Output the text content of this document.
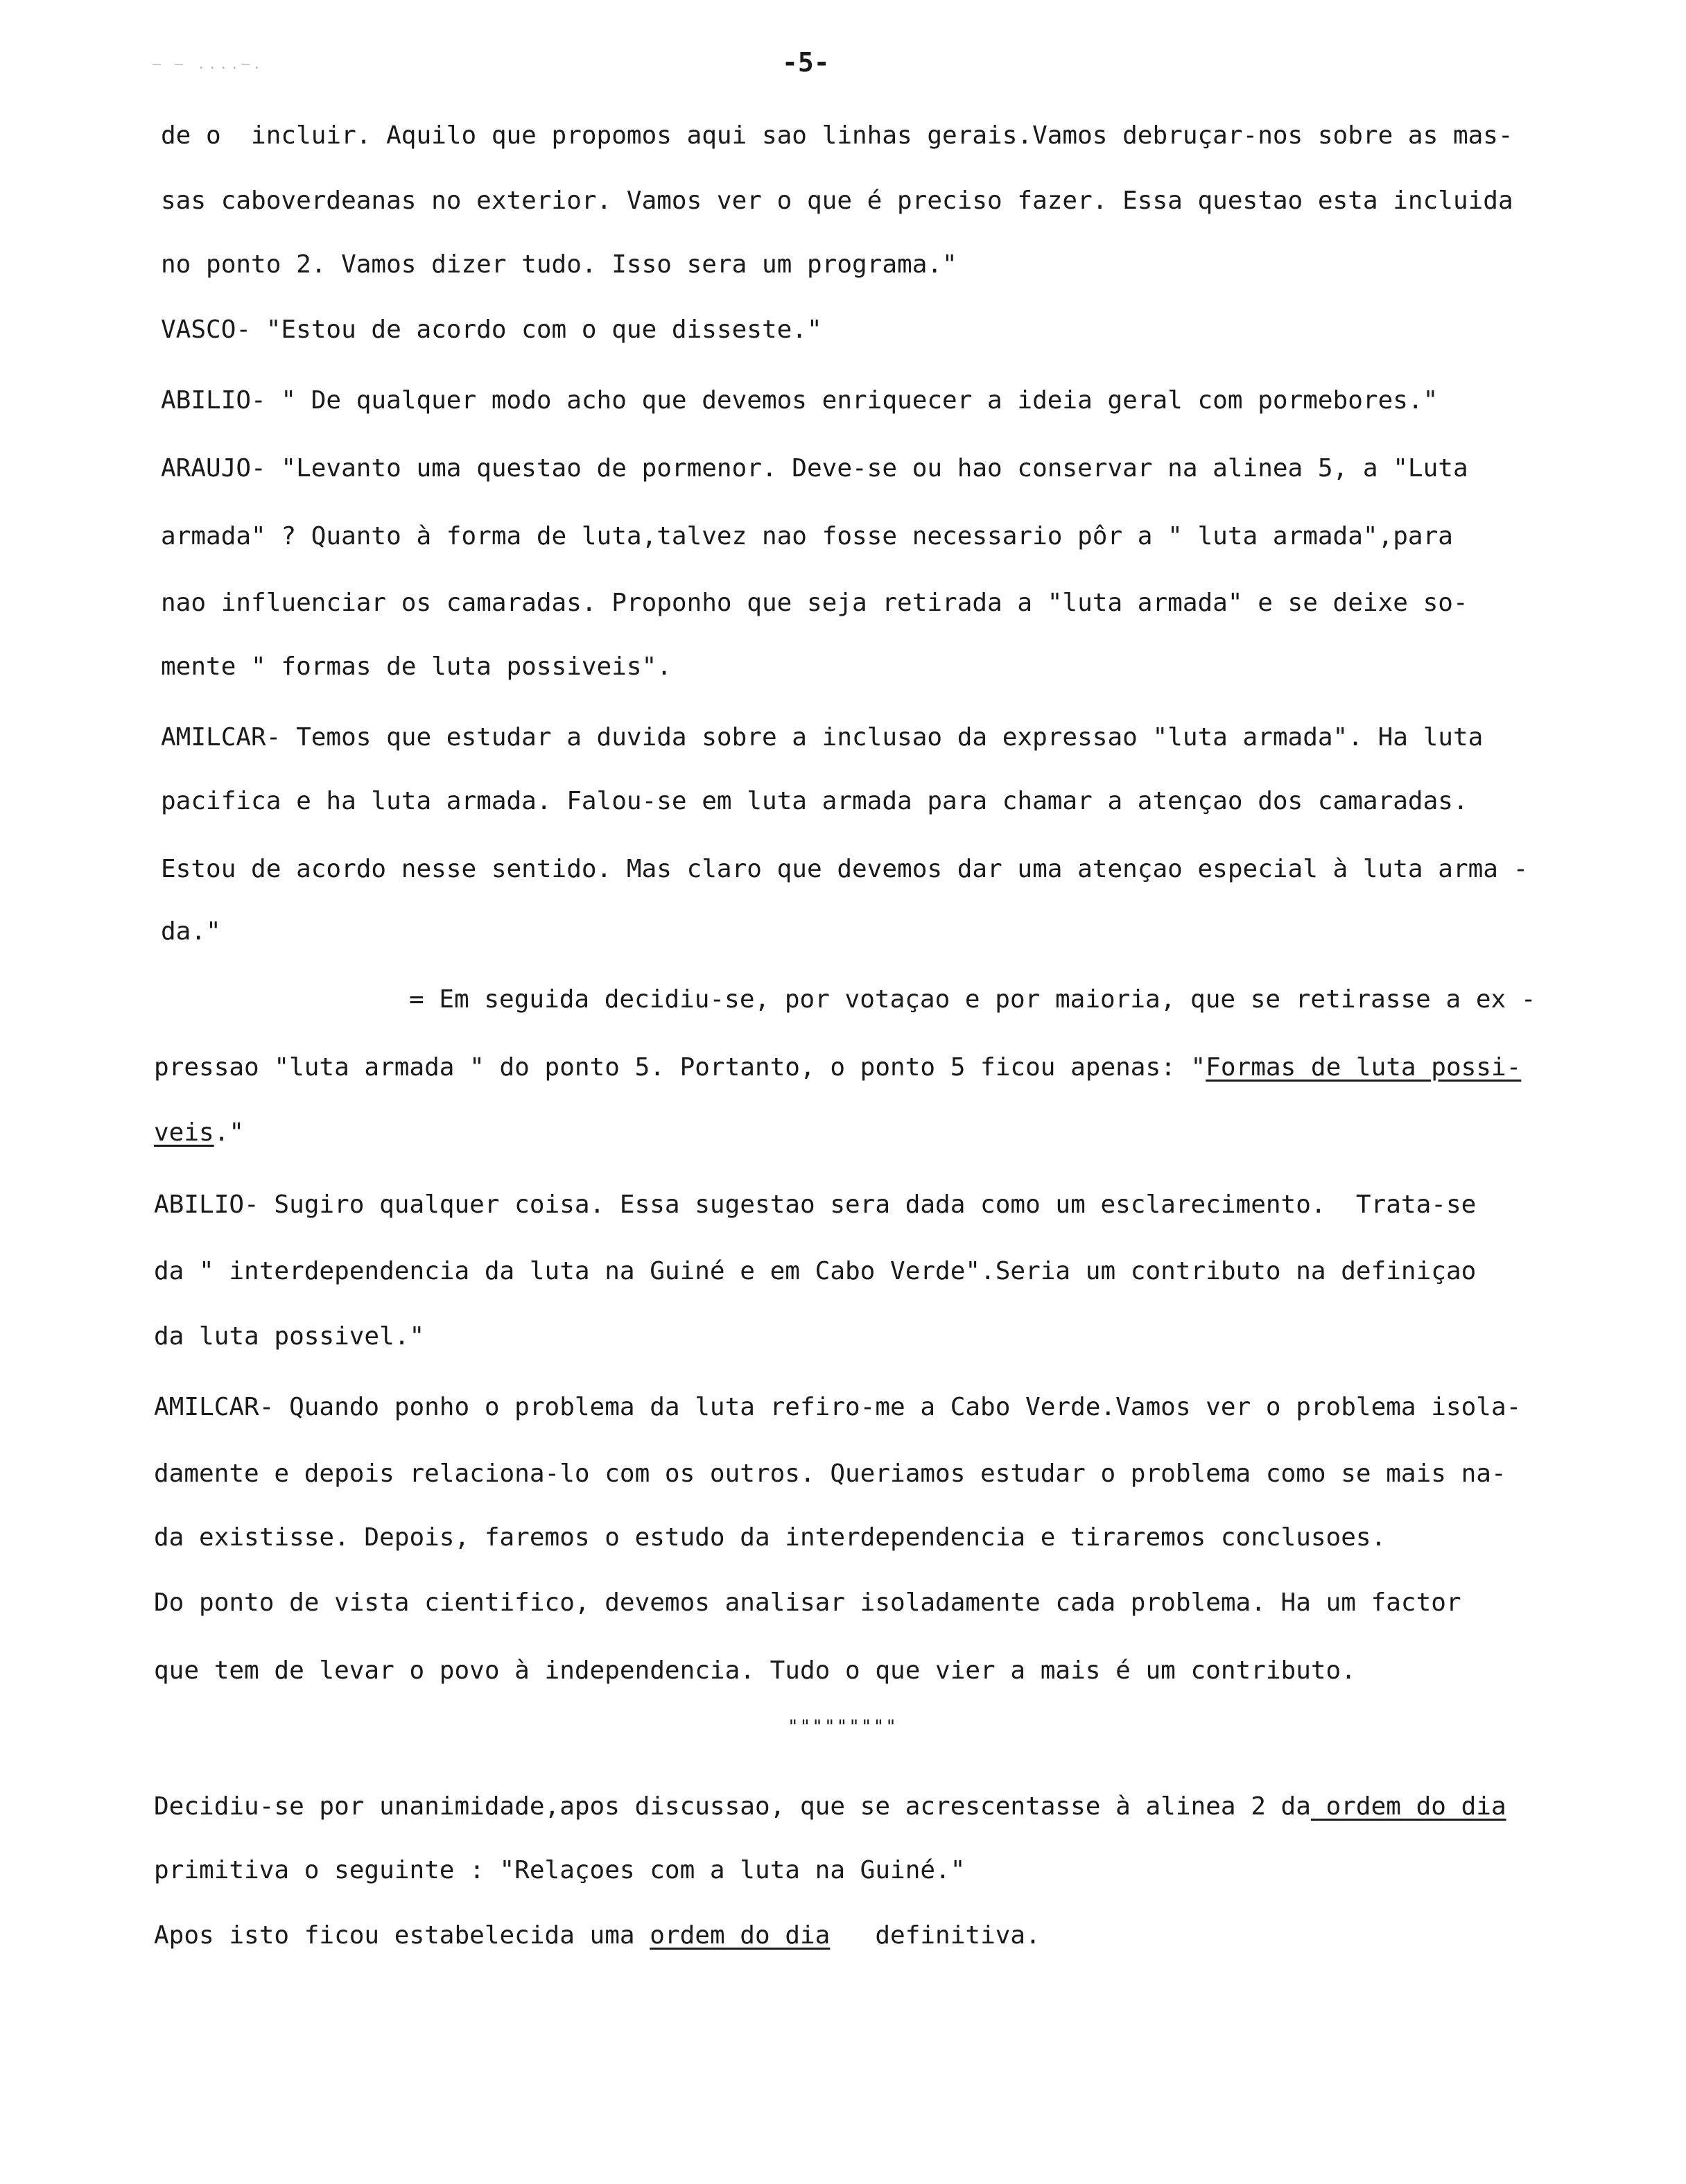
— — ....—.	-5-
de o  incluir. Aquilo que propomos aqui sao linhas gerais.Vamos debruçar-nos sobre as mas-
sas caboverdeanas no exterior. Vamos ver o que é preciso fazer. Essa questao esta incluida
no ponto 2. Vamos dizer tudo. Isso sera um programa."
VASCO- "Estou de acordo com o que disseste."
ABILIO- " De qualquer modo acho que devemos enriquecer a ideia geral com pormebores."
ARAUJO- "Levanto uma questao de pormenor. Deve-se ou hao conservar na alinea 5, a "Luta
armada" ? Quanto à forma de luta,talvez nao fosse necessario pôr a " luta armada",para
nao influenciar os camaradas. Proponho que seja retirada a "luta armada" e se deixe so-
mente " formas de luta possiveis".
AMILCAR- Temos que estudar a duvida sobre a inclusao da expressao "luta armada". Ha luta
pacifica e ha luta armada. Falou-se em luta armada para chamar a atençao dos camaradas.
Estou de acordo nesse sentido. Mas claro que devemos dar uma atençao especial à luta arma -
da."
= Em seguida decidiu-se, por votaçao e por maioria, que se retirasse a ex -
pressao "luta armada " do ponto 5. Portanto, o ponto 5 ficou apenas: "Formas de luta possi-
veis."
ABILIO- Sugiro qualquer coisa. Essa sugestao sera dada como um esclarecimento.  Trata-se
da " interdependencia da luta na Guiné e em Cabo Verde".Seria um contributo na definiçao
da luta possivel."
AMILCAR- Quando ponho o problema da luta refiro-me a Cabo Verde.Vamos ver o problema isola-
damente e depois relaciona-lo com os outros. Queriamos estudar o problema como se mais na-
da existisse. Depois, faremos o estudo da interdependencia e tiraremos conclusoes.
Do ponto de vista cientifico, devemos analisar isoladamente cada problema. Ha um factor
que tem de levar o povo à independencia. Tudo o que vier a mais é um contributo.
"""""""""
Decidiu-se por unanimidade,apos discussao, que se acrescentasse à alinea 2 da ordem do dia
primitiva o seguinte : "Relaçoes com a luta na Guiné."
Apos isto ficou estabelecida uma ordem do dia   definitiva.
